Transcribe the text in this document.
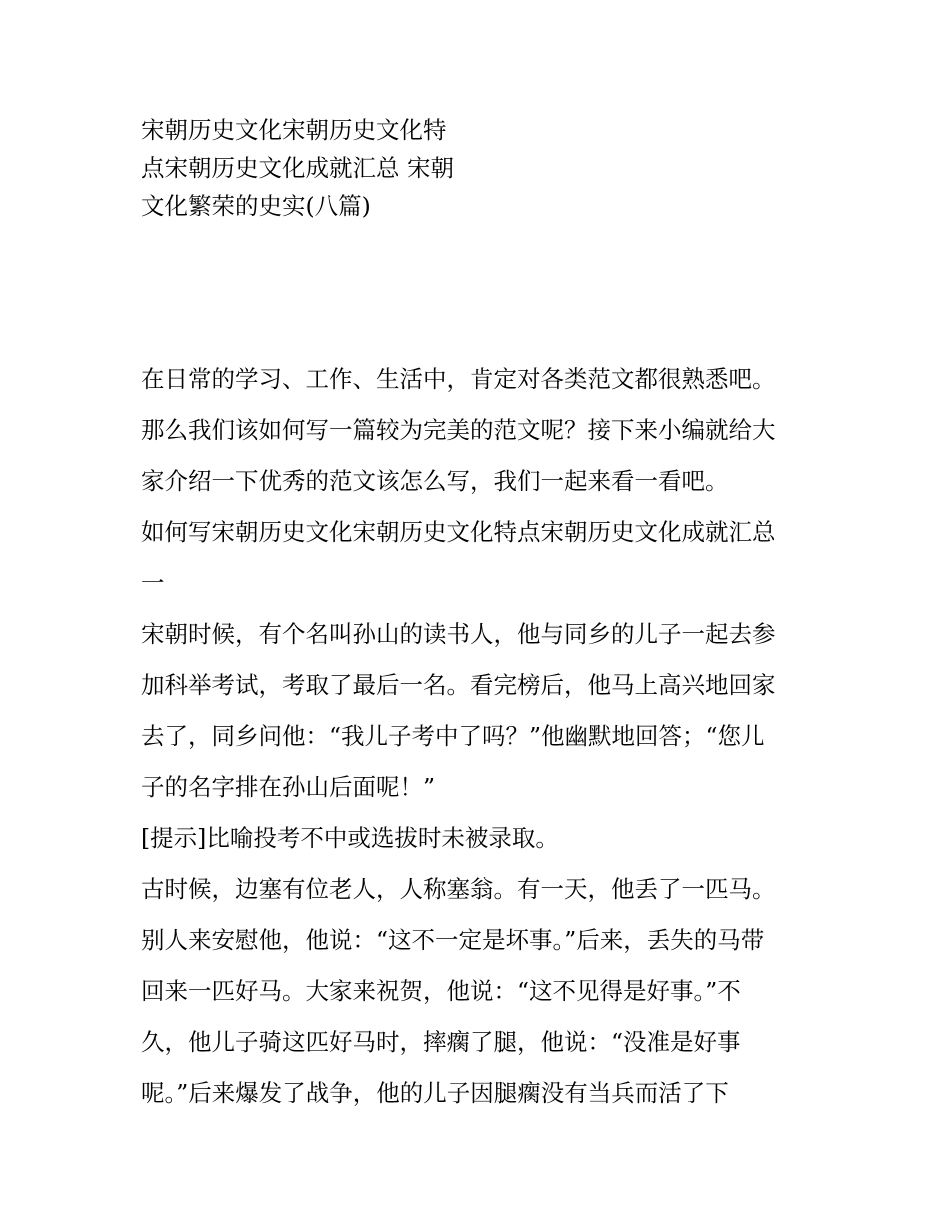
宋朝历史文化宋朝历史文化特
点宋朝历史文化成就汇总 宋朝
文化繁荣的史实(八篇)
在日常的学习、工作、生活中，肯定对各类范文都很熟悉吧。
那么我们该如何写一篇较为完美的范文呢？接下来小编就给大
家介绍一下优秀的范文该怎么写，我们一起来看一看吧。
如何写宋朝历史文化宋朝历史文化特点宋朝历史文化成就汇总
一
宋朝时候，有个名叫孙山的读书人，他与同乡的儿子一起去参
加科举考试，考取了最后一名。看完榜后，他马上高兴地回家
去了，同乡问他：“我儿子考中了吗？”他幽默地回答；“您儿
子的名字排在孙山后面呢！”
[提示]比喻投考不中或选拔时未被录取。
古时候，边塞有位老人，人称塞翁。有一天，他丢了一匹马。
别人来安慰他，他说：“这不一定是坏事。”后来，丢失的马带
回来一匹好马。大家来祝贺，他说：“这不见得是好事。”不
久，他儿子骑这匹好马时，摔瘸了腿，他说：“没准是好事
呢。”后来爆发了战争，他的儿子因腿瘸没有当兵而活了下
